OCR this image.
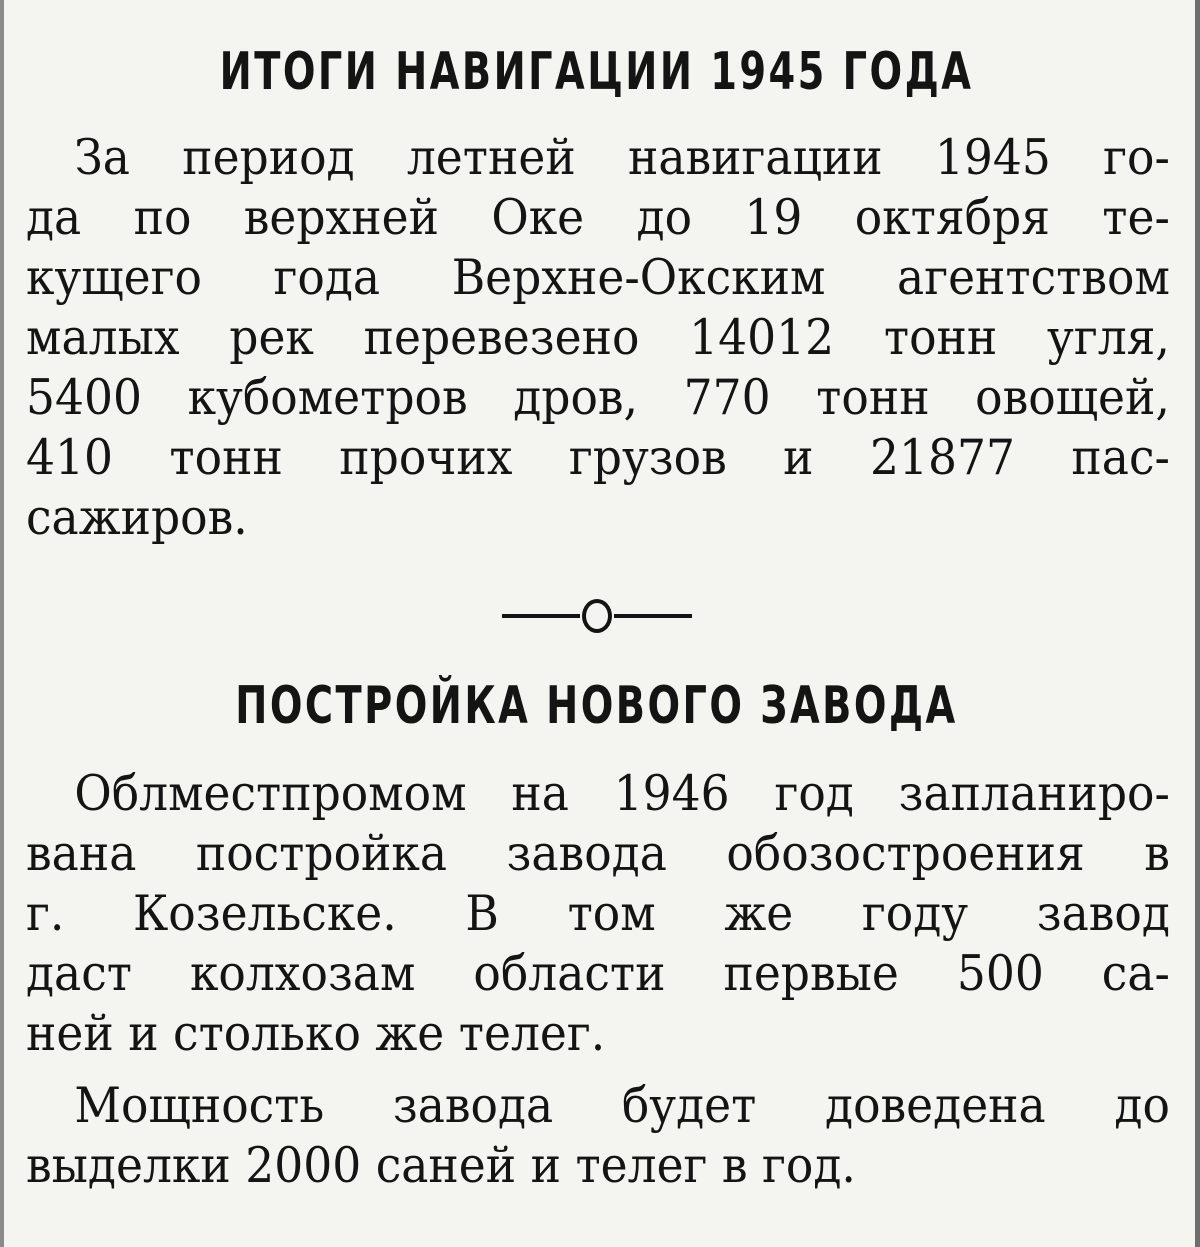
ИТОГИ НАВИГАЦИИ 1945 ГОДА
За период летней навигации 1945 го-
да по верхней Оке до 19 октября те-
кущего года Верхне-Окским агентством
малых рек перевезено 14012 тонн угля,
5400 кубометров дров, 770 тонн овощей,
410 тонн прочих грузов и 21877 пас-
сажиров.
ПОСТРОЙКА НОВОГО ЗАВОДА
Облместпромом на 1946 год запланиро-
вана постройка завода обозостроения в
г. Козельске. В том же году завод
даст колхозам области первые 500 са-
ней и столько же телег.
Мощность завода будет доведена до
выделки 2000 саней и телег в год.
